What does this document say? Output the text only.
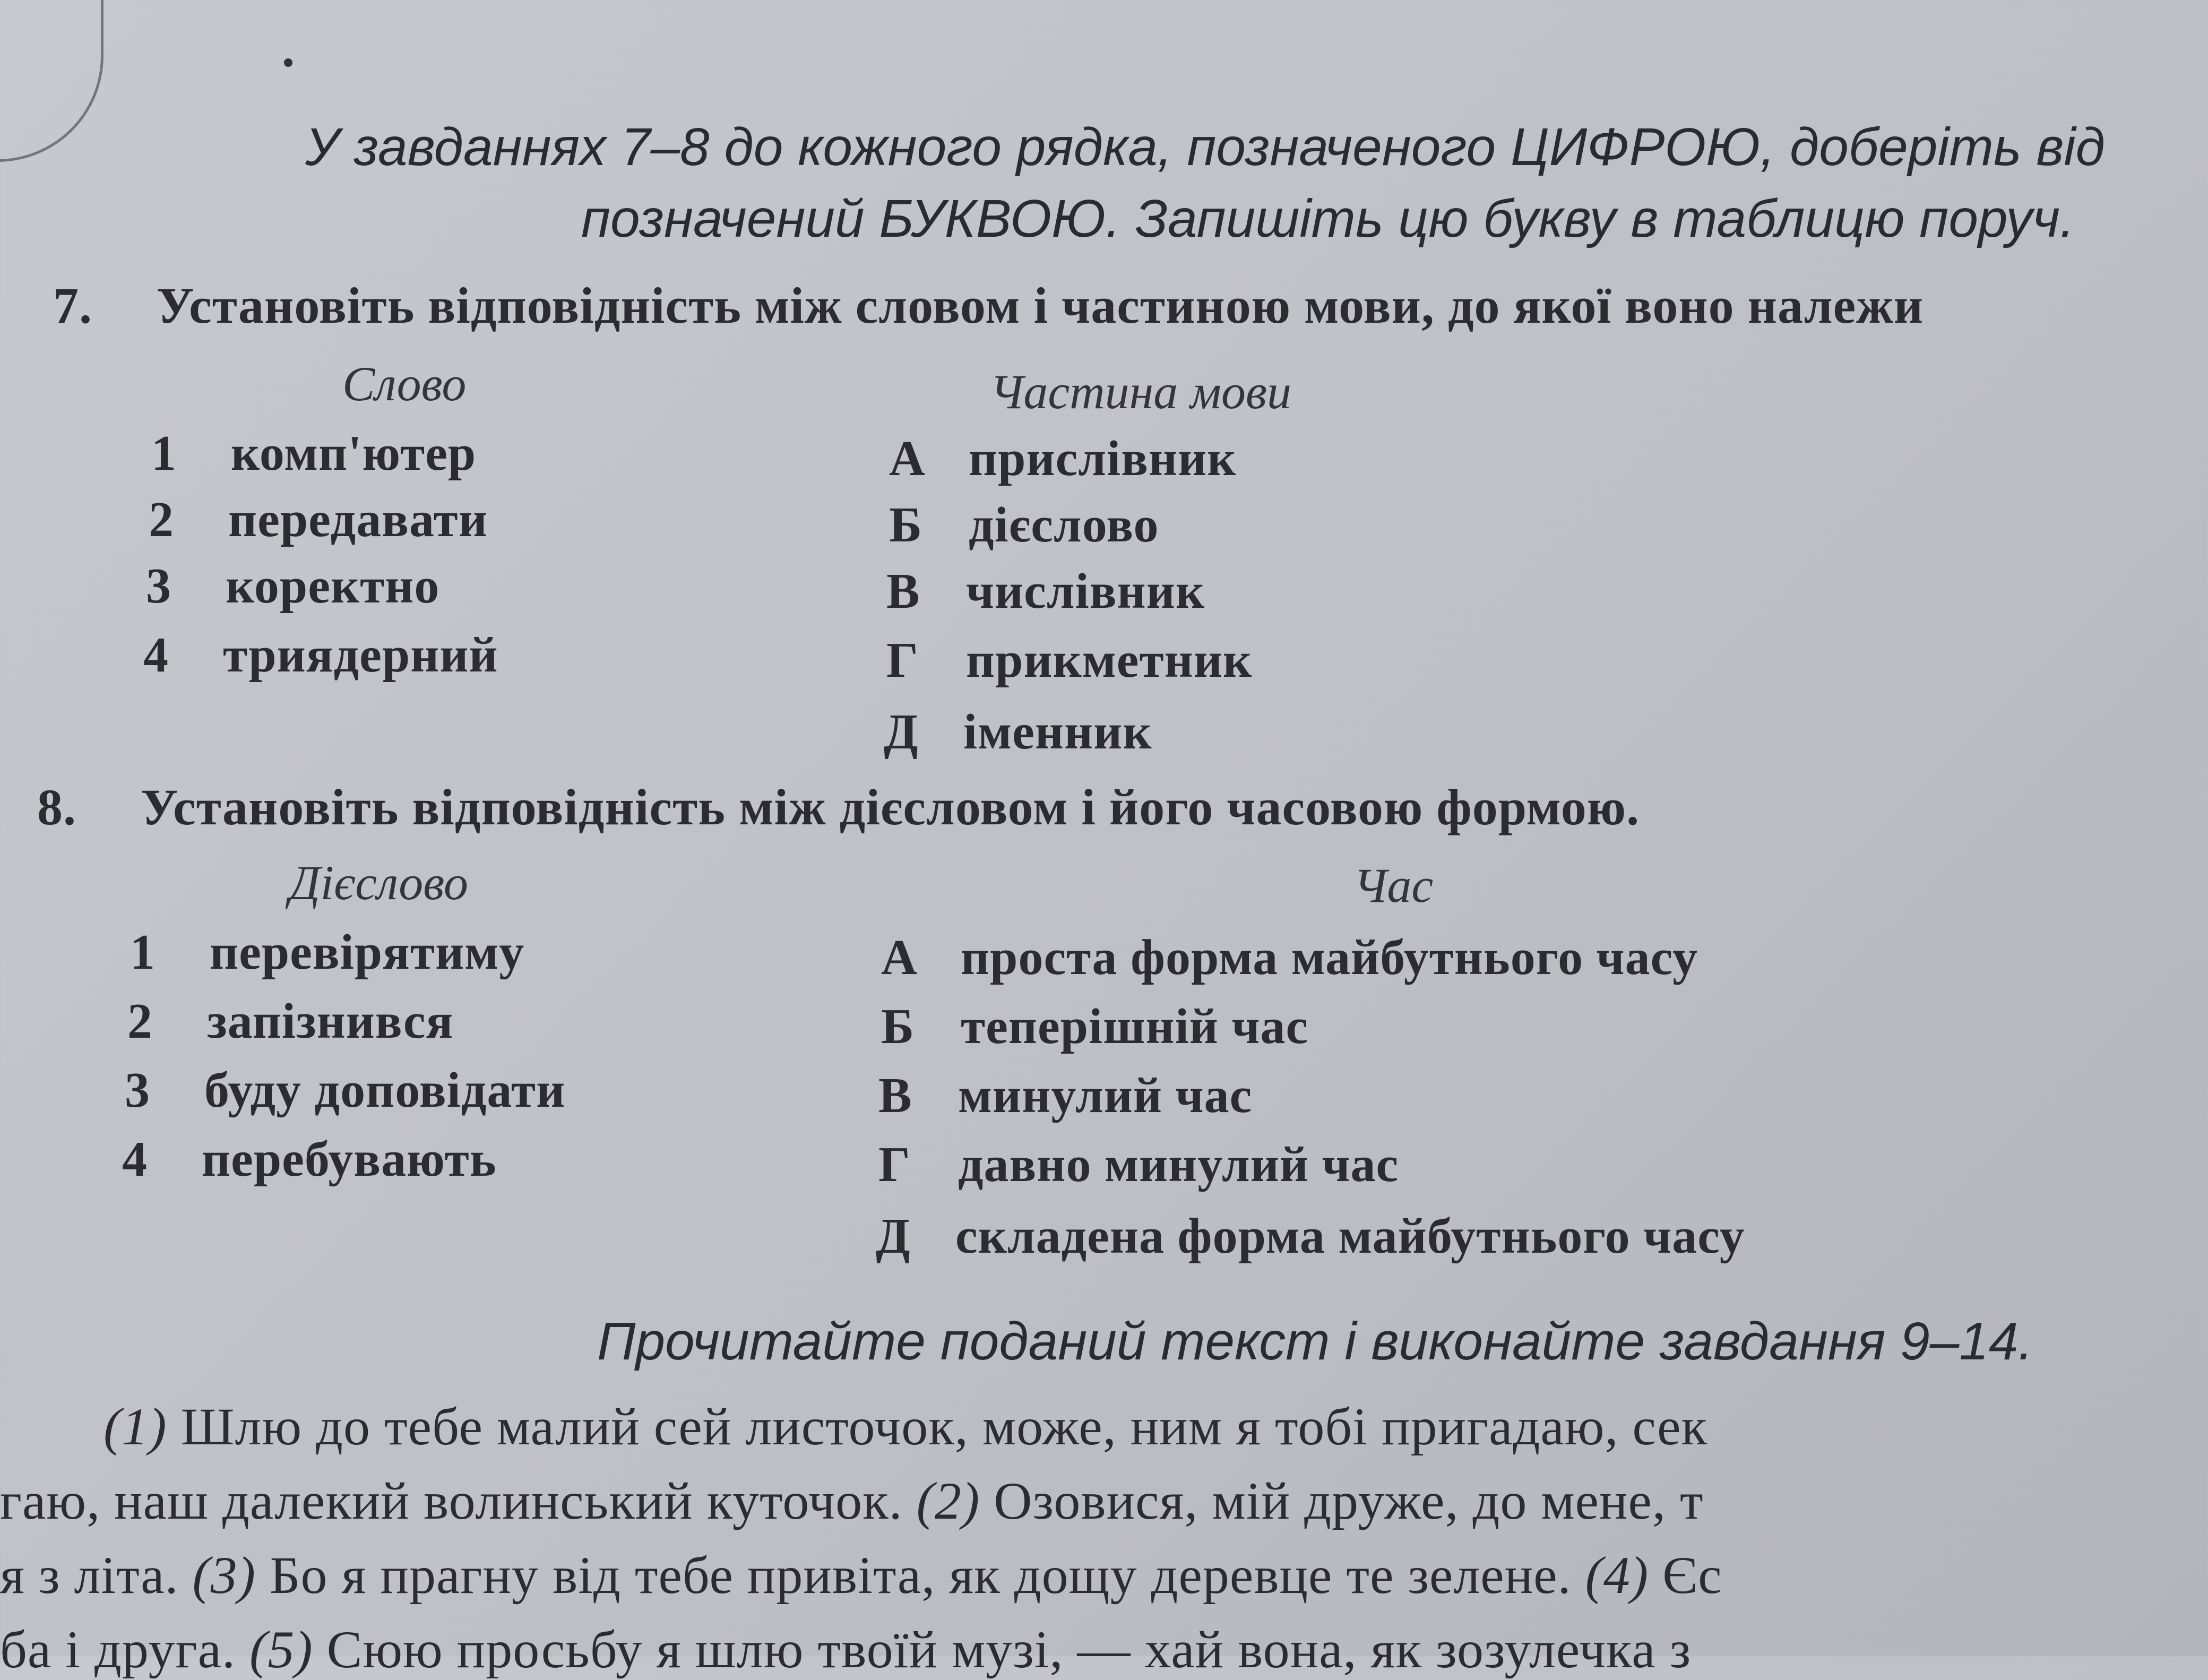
У завданнях 7–8 до кожного рядка, позначеного ЦИФРОЮ, доберіть від
позначений БУКВОЮ. Запишіть цю букву в таблицю поруч.
7. Установіть відповідність між словом і частиною мови, до якої воно належи
Слово	Частина мови
1 комп'ютер
2 передавати
3 коректно
4 триядерний
А прислівник
Б дієслово
В числівник
Г прикметник
Д іменник
8. Установіть відповідність між дієсловом і його часовою формою.
Дієслово	Час
1 перевірятиму
2 запізнився
3 буду доповідати
4 перебувають
А проста форма майбутнього часу
Б теперішній час
В минулий час
Г давно минулий час
Д складена форма майбутнього часу
Прочитайте поданий текст і виконайте завдання 9–14.
(1) Шлю до тебе малий сей листочок, може, ним я тобі пригадаю, сек
гаю, наш далекий волинський куточок. (2) Озовися, мій друже, до мене, т
я з літа. (3) Бо я прагну від тебе привіта, як дощу деревце те зелене. (4) Єс
ба і друга. (5) Сюю просьбу я шлю твоїй музі, — хай вона, як зозулечка з
